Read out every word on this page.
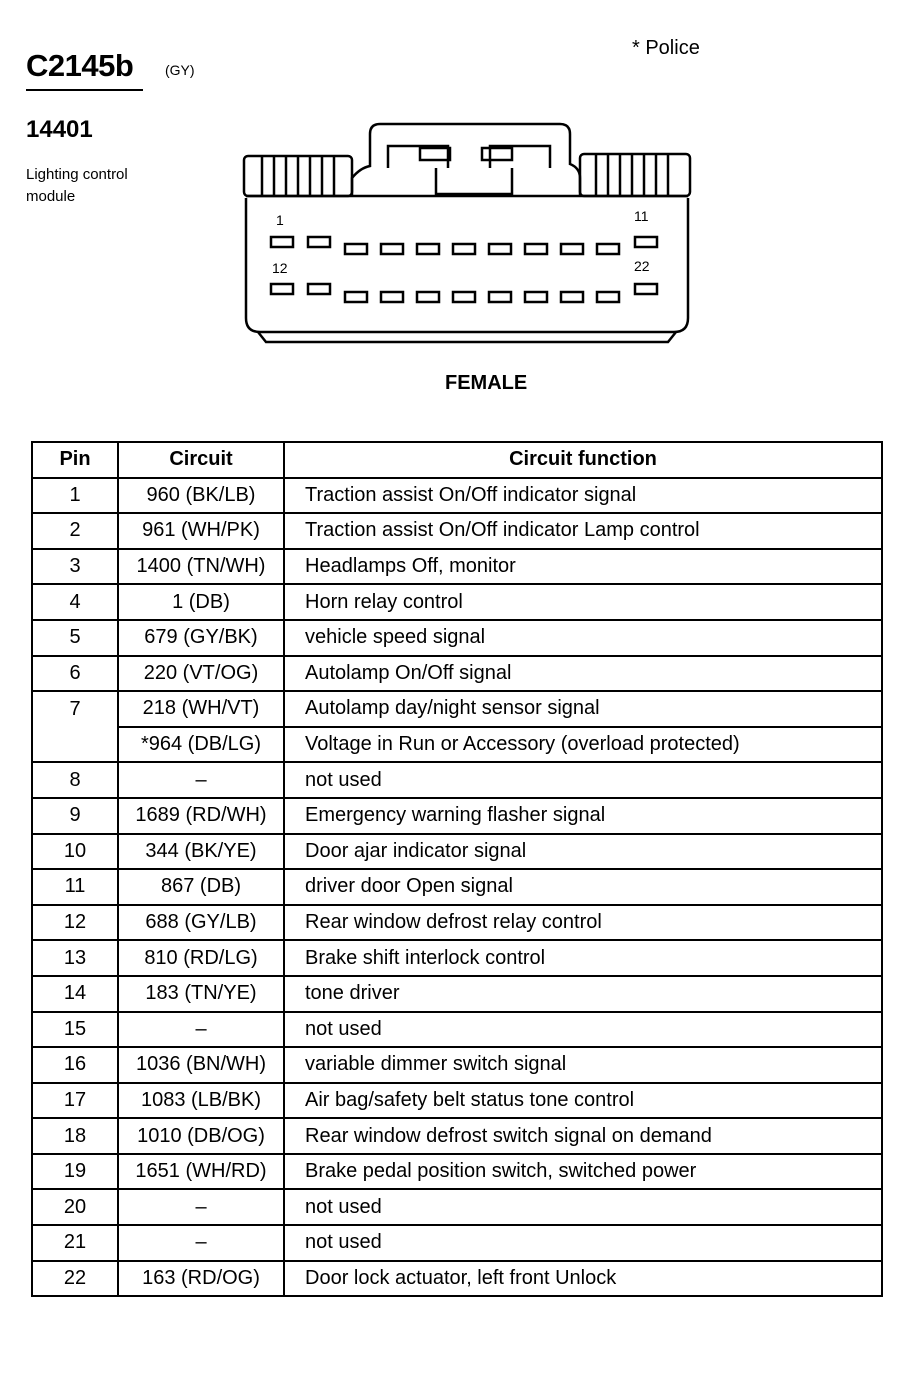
C2145b (GY)
* Police
14401
Lighting control module
1	11
12	22
FEMALE
Pin	Circuit	Circuit function
1	960 (BK/LB)	Traction assist On/Off indicator signal
2	961 (WH/PK)	Traction assist On/Off indicator Lamp control
3	1400 (TN/WH)	Headlamps Off, monitor
4	1 (DB)	Horn relay control
5	679 (GY/BK)	vehicle speed signal
6	220 (VT/OG)	Autolamp On/Off signal
7	218 (WH/VT)	Autolamp day/night sensor signal
	*964 (DB/LG)	Voltage in Run or Accessory (overload protected)
8	–	not used
9	1689 (RD/WH)	Emergency warning flasher signal
10	344 (BK/YE)	Door ajar indicator signal
11	867 (DB)	driver door Open signal
12	688 (GY/LB)	Rear window defrost relay control
13	810 (RD/LG)	Brake shift interlock control
14	183 (TN/YE)	tone driver
15	–	not used
16	1036 (BN/WH)	variable dimmer switch signal
17	1083 (LB/BK)	Air bag/safety belt status tone control
18	1010 (DB/OG)	Rear window defrost switch signal on demand
19	1651 (WH/RD)	Brake pedal position switch, switched power
20	–	not used
21	–	not used
22	163 (RD/OG)	Door lock actuator, left front Unlock
